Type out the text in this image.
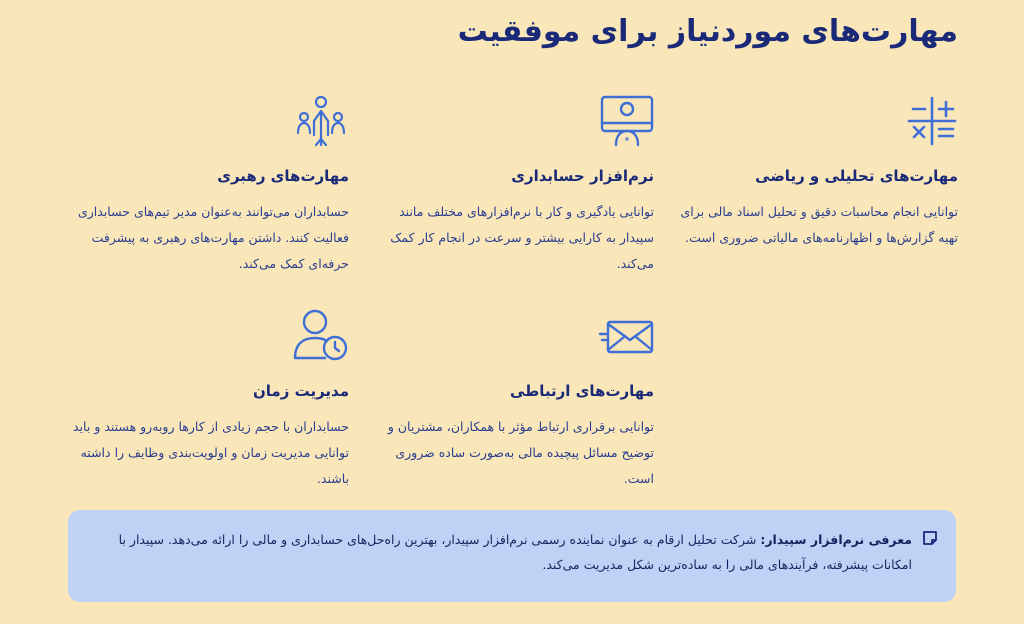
مهارت‌های موردنیاز برای موفقیت
مهارت‌های تحلیلی و ریاضی

توانایی انجام محاسبات دقیق و تحلیل اسناد مالی برای تهیه گزارش‌ها و اظهارنامه‌های مالیاتی ضروری است.

نرم‌افزار حسابداری

توانایی یادگیری و کار با نرم‌افزارهای مختلف مانند سپیدار به کارایی بیشتر و سرعت در انجام کار کمک می‌کند.

مهارت‌های رهبری

حسابداران می‌توانند به‌عنوان مدیر تیم‌های حسابداری فعالیت کنند. داشتن مهارت‌های رهبری به پیشرفت حرفه‌ای کمک می‌کند.

مهارت‌های ارتباطی

توانایی برقراری ارتباط مؤثر با همکاران، مشتریان و توضیح مسائل پیچیده مالی به‌صورت ساده ضروری است.

مدیریت زمان

حسابداران با حجم زیادی از کارها روبه‌رو هستند و باید توانایی مدیریت زمان و اولویت‌بندی وظایف را داشته باشند.

معرفی نرم‌افزار سپیدار: شرکت تحلیل ارقام به عنوان نماینده رسمی نرم‌افزار سپیدار، بهترین راه‌حل‌های حسابداری و مالی را ارائه می‌دهد. سپیدار با امکانات پیشرفته، فرآیندهای مالی را به ساده‌ترین شکل مدیریت می‌کند.
